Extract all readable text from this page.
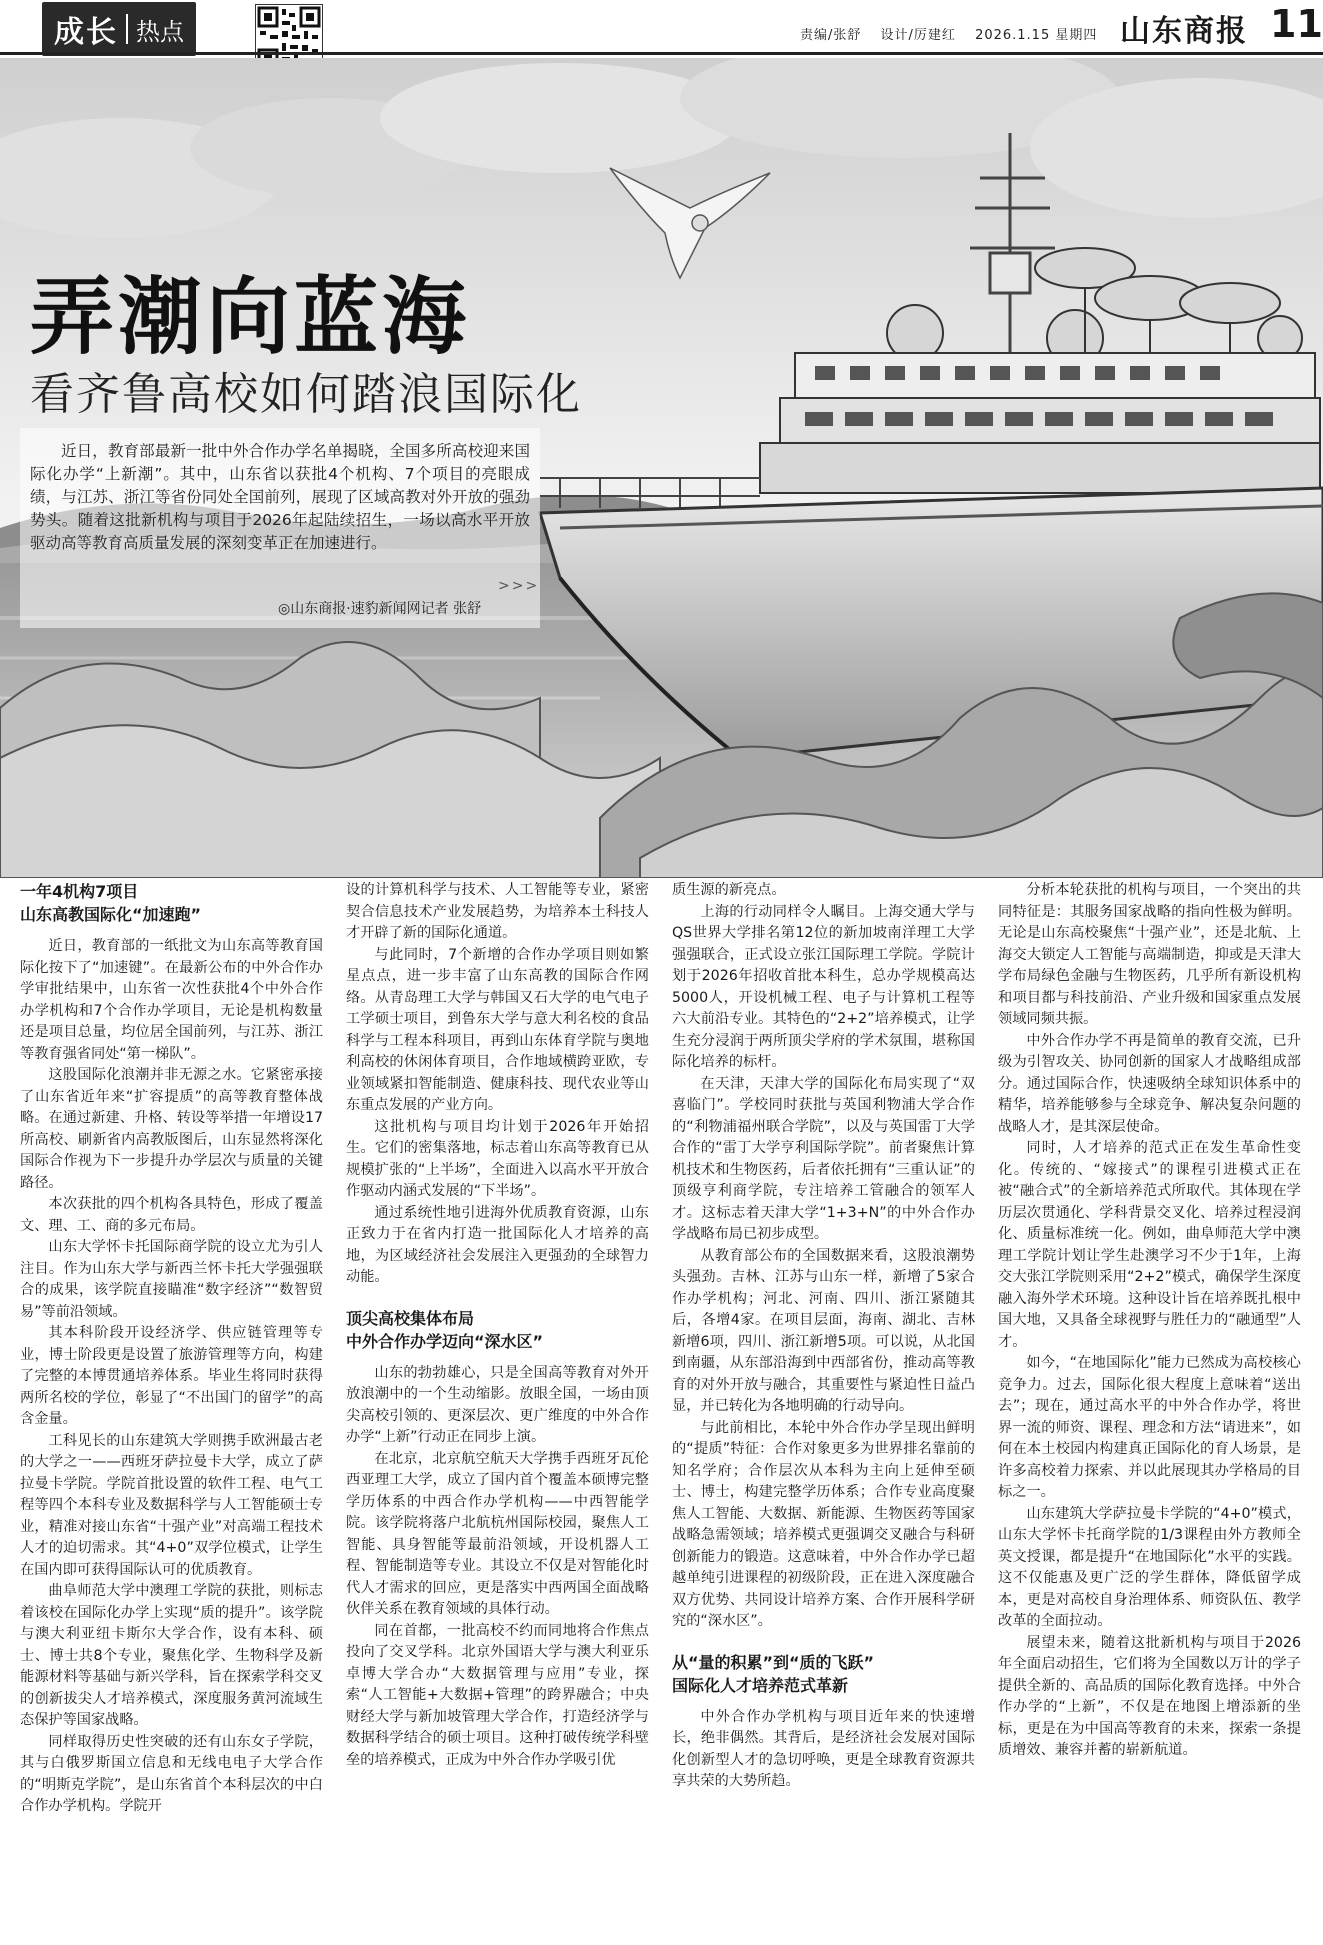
成长 热点	责编/张舒 设计/厉建红 2026.1.15 星期四 山东商报 11
弄潮向蓝海
看齐鲁高校如何踏浪国际化
近日，教育部最新一批中外合作办学名单揭晓，全国多所高校迎来国际化办学“上新潮”。其中，山东省以获批4个机构、7个项目的亮眼成绩，与江苏、浙江等省份同处全国前列，展现了区域高教对外开放的强劲势头。随着这批新机构与项目于2026年起陆续招生，一场以高水平开放驱动高等教育高质量发展的深刻变革正在加速进行。
◎山东商报·速豹新闻网记者 张舒
>>>
一年4机构7项目
山东高教国际化“加速跑”

近日，教育部的一纸批文为山东高等教育国际化按下了“加速键”。在最新公布的中外合作办学审批结果中，山东省一次性获批4个中外合作办学机构和7个合作办学项目，无论是机构数量还是项目总量，均位居全国前列，与江苏、浙江等教育强省同处“第一梯队”。

这股国际化浪潮并非无源之水。它紧密承接了山东省近年来“扩容提质”的高等教育整体战略。在通过新建、升格、转设等举措一年增设17所高校、刷新省内高教版图后，山东显然将深化国际合作视为下一步提升办学层次与质量的关键路径。

本次获批的四个机构各具特色，形成了覆盖文、理、工、商的多元布局。

山东大学怀卡托国际商学院的设立尤为引人注目。作为山东大学与新西兰怀卡托大学强强联合的成果，该学院直接瞄准“数字经济”“数智贸易”等前沿领域。

其本科阶段开设经济学、供应链管理等专业，博士阶段更是设置了旅游管理等方向，构建了完整的本博贯通培养体系。毕业生将同时获得两所名校的学位，彰显了“不出国门的留学”的高含金量。

工科见长的山东建筑大学则携手欧洲最古老的大学之一——西班牙萨拉曼卡大学，成立了萨拉曼卡学院。学院首批设置的软件工程、电气工程等四个本科专业及数据科学与人工智能硕士专业，精准对接山东省“十强产业”对高端工程技术人才的迫切需求。其“4+0”双学位模式，让学生在国内即可获得国际认可的优质教育。

曲阜师范大学中澳理工学院的获批，则标志着该校在国际化办学上实现“质的提升”。该学院与澳大利亚纽卡斯尔大学合作，设有本科、硕士、博士共8个专业，聚焦化学、生物科学及新能源材料等基础与新兴学科，旨在探索学科交叉的创新拔尖人才培养模式，深度服务黄河流域生态保护等国家战略。

同样取得历史性突破的还有山东女子学院，其与白俄罗斯国立信息和无线电电子大学合作的“明斯克学院”，是山东省首个本科层次的中白合作办学机构。学院开

设的计算机科学与技术、人工智能等专业，紧密契合信息技术产业发展趋势，为培养本土科技人才开辟了新的国际化通道。

与此同时，7个新增的合作办学项目则如繁星点点，进一步丰富了山东高教的国际合作网络。从青岛理工大学与韩国又石大学的电气电子工学硕士项目，到鲁东大学与意大利名校的食品科学与工程本科项目，再到山东体育学院与奥地利高校的休闲体育项目，合作地域横跨亚欧，专业领域紧扣智能制造、健康科技、现代农业等山东重点发展的产业方向。

这批机构与项目均计划于2026年开始招生。它们的密集落地，标志着山东高等教育已从规模扩张的“上半场”，全面进入以高水平开放合作驱动内涵式发展的“下半场”。

通过系统性地引进海外优质教育资源，山东正致力于在省内打造一批国际化人才培养的高地，为区域经济社会发展注入更强劲的全球智力动能。

顶尖高校集体布局
中外合作办学迈向“深水区”

山东的勃勃雄心，只是全国高等教育对外开放浪潮中的一个生动缩影。放眼全国，一场由顶尖高校引领的、更深层次、更广维度的中外合作办学“上新”行动正在同步上演。

在北京，北京航空航天大学携手西班牙瓦伦西亚理工大学，成立了国内首个覆盖本硕博完整学历体系的中西合作办学机构——中西智能学院。该学院将落户北航杭州国际校园，聚焦人工智能、具身智能等最前沿领域，开设机器人工程、智能制造等专业。其设立不仅是对智能化时代人才需求的回应，更是落实中西两国全面战略伙伴关系在教育领域的具体行动。

同在首都，一批高校不约而同地将合作焦点投向了交叉学科。北京外国语大学与澳大利亚乐卓博大学合办“大数据管理与应用”专业，探索“人工智能+大数据+管理”的跨界融合；中央财经大学与新加坡管理大学合作，打造经济学与数据科学结合的硕士项目。这种打破传统学科壁垒的培养模式，正成为中外合作办学吸引优

质生源的新亮点。

上海的行动同样令人瞩目。上海交通大学与QS世界大学排名第12位的新加坡南洋理工大学强强联合，正式设立张江国际理工学院。学院计划于2026年招收首批本科生，总办学规模高达5000人，开设机械工程、电子与计算机工程等六大前沿专业。其特色的“2+2”培养模式，让学生充分浸润于两所顶尖学府的学术氛围，堪称国际化培养的标杆。

在天津，天津大学的国际化布局实现了“双喜临门”。学校同时获批与英国利物浦大学合作的“利物浦福州联合学院”，以及与英国雷丁大学合作的“雷丁大学亨利国际学院”。前者聚焦计算机技术和生物医药，后者依托拥有“三重认证”的顶级亨利商学院，专注培养工管融合的领军人才。这标志着天津大学“1+3+N”的中外合作办学战略布局已初步成型。

从教育部公布的全国数据来看，这股浪潮势头强劲。吉林、江苏与山东一样，新增了5家合作办学机构；河北、河南、四川、浙江紧随其后，各增4家。在项目层面，海南、湖北、吉林新增6项，四川、浙江新增5项。可以说，从北国到南疆，从东部沿海到中西部省份，推动高等教育的对外开放与融合，其重要性与紧迫性日益凸显，并已转化为各地明确的行动导向。

与此前相比，本轮中外合作办学呈现出鲜明的“提质”特征：合作对象更多为世界排名靠前的知名学府；合作层次从本科为主向上延伸至硕士、博士，构建完整学历体系；合作专业高度聚焦人工智能、大数据、新能源、生物医药等国家战略急需领域；培养模式更强调交叉融合与科研创新能力的锻造。这意味着，中外合作办学已超越单纯引进课程的初级阶段，正在进入深度融合双方优势、共同设计培养方案、合作开展科学研究的“深水区”。

从“量的积累”到“质的飞跃”
国际化人才培养范式革新

中外合作办学机构与项目近年来的快速增长，绝非偶然。其背后，是经济社会发展对国际化创新型人才的急切呼唤，更是全球教育资源共享共荣的大势所趋。

分析本轮获批的机构与项目，一个突出的共同特征是：其服务国家战略的指向性极为鲜明。无论是山东高校聚焦“十强产业”，还是北航、上海交大锁定人工智能与高端制造，抑或是天津大学布局绿色金融与生物医药，几乎所有新设机构和项目都与科技前沿、产业升级和国家重点发展领域同频共振。

中外合作办学不再是简单的教育交流，已升级为引智攻关、协同创新的国家人才战略组成部分。通过国际合作，快速吸纳全球知识体系中的精华，培养能够参与全球竞争、解决复杂问题的战略人才，是其深层使命。

同时，人才培养的范式正在发生革命性变化。传统的、“嫁接式”的课程引进模式正在被“融合式”的全新培养范式所取代。其体现在学历层次贯通化、学科背景交叉化、培养过程浸润化、质量标准统一化。例如，曲阜师范大学中澳理工学院计划让学生赴澳学习不少于1年，上海交大张江学院则采用“2+2”模式，确保学生深度融入海外学术环境。这种设计旨在培养既扎根中国大地，又具备全球视野与胜任力的“融通型”人才。

如今，“在地国际化”能力已然成为高校核心竞争力。过去，国际化很大程度上意味着“送出去”；现在，通过高水平的中外合作办学，将世界一流的师资、课程、理念和方法“请进来”，如何在本土校园内构建真正国际化的育人场景，是许多高校着力探索、并以此展现其办学格局的目标之一。

山东建筑大学萨拉曼卡学院的“4+0”模式，山东大学怀卡托商学院的1/3课程由外方教师全英文授课，都是提升“在地国际化”水平的实践。这不仅能惠及更广泛的学生群体，降低留学成本，更是对高校自身治理体系、师资队伍、教学改革的全面拉动。

展望未来，随着这批新机构与项目于2026年全面启动招生，它们将为全国数以万计的学子提供全新的、高品质的国际化教育选择。中外合作办学的“上新”，不仅是在地图上增添新的坐标，更是在为中国高等教育的未来，探索一条提质增效、兼容并蓄的崭新航道。
